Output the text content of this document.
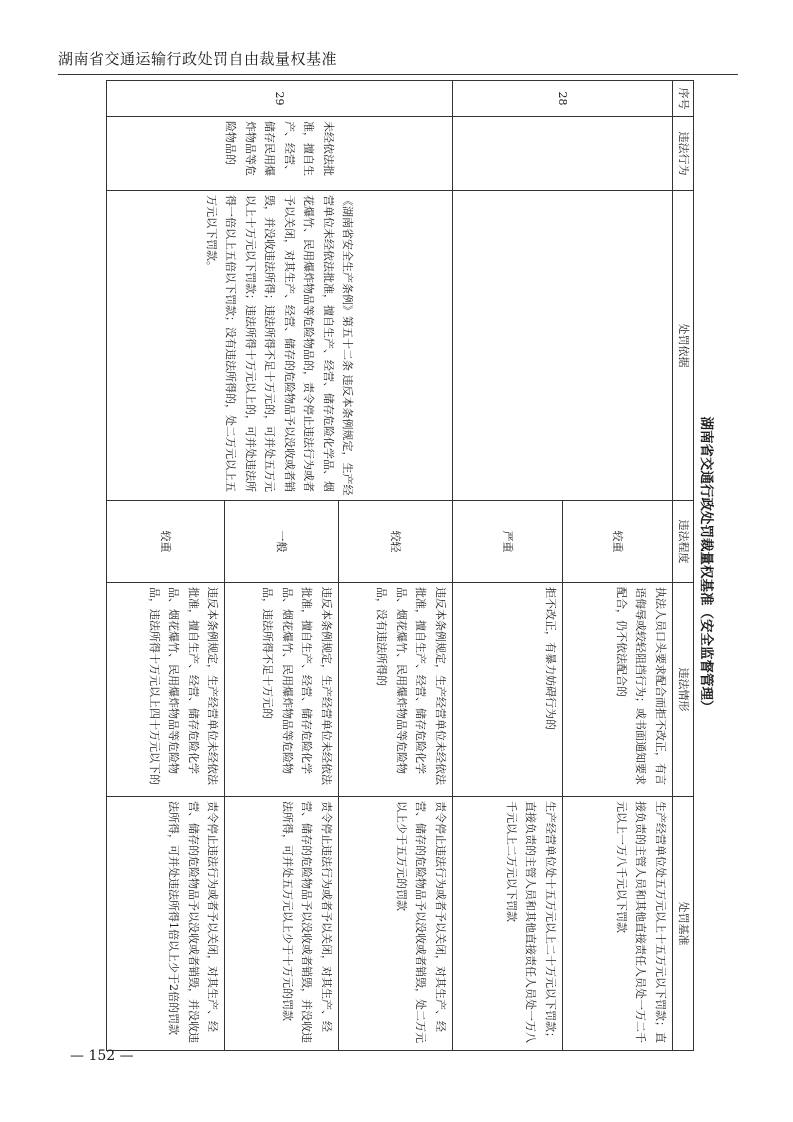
湖南省交通运输行政处罚自由裁量权基准
湖南省交通行政处罚裁量权基准（安全监督管理）
序号	违法行为	处罚依据	违法程度	违法情形	处罚基准
28			较重	执法人员口头要求配合而拒不改正，有言语侮辱或较轻阻挡行为；或书面通知要求配合，仍不依法配合的	生产经营单位处五万元以上十五万元以下罚款；直接负责的主管人员和其他直接责任人员处一万二千元以上一万八千元以下罚款
			严重	拒不改正，有暴力妨碍行为的	生产经营单位处十五万元以上二十万元以下罚款；直接负责的主管人员和其他直接责任人员处一万八千元以上二万元以下罚款
29	未经依法批准，擅自生产、经营、储存民用爆炸物品等危险物品的	《湖南省安全生产条例》第五十二条 违反本条例规定，生产经营单位未经依法批准，擅自生产、经营、储存危险化学品、烟花爆竹、民用爆炸物品等危险物品的，责令停止违法行为或者予以关闭，对其生产、经营、储存的危险物品予以没收或者销毁，并没收违法所得；违法所得不足十万元的，可并处五万元以上十万元以下罚款；违法所得十万元以上的，可并处违法所得一倍以上五倍以下罚款；没有违法所得的，处二万元以上五万元以下罚款。	较轻	违反本条例规定，生产经营单位未经依法批准，擅自生产、经营、储存危险化学品、烟花爆竹、民用爆炸物品等危险物品，没有违法所得的	责令停止违法行为或者予以关闭，对其生产、经营、储存的危险物品予以没收或者销毁，处二万元以上少于五万元的罚款
			一般	违反本条例规定，生产经营单位未经依法批准，擅自生产、经营、储存危险化学品、烟花爆竹、民用爆炸物品等危险物品，违法所得不足十万元的	责令停止违法行为或者予以关闭，对其生产、经营、储存的危险物品予以没收或者销毁，并没收违法所得，可并处五万元以上少于十万元的罚款
			较重	违反本条例规定，生产经营单位未经依法批准，擅自生产、经营、储存危险化学品、烟花爆竹、民用爆炸物品等危险物品，违法所得十万元以上四十万元以下的	责令停止违法行为或者予以关闭，对其生产、经营、储存的危险物品予以没收或者销毁，并没收违法所得，可并处违法所得1倍以上少于2倍的罚款
— 152 —
